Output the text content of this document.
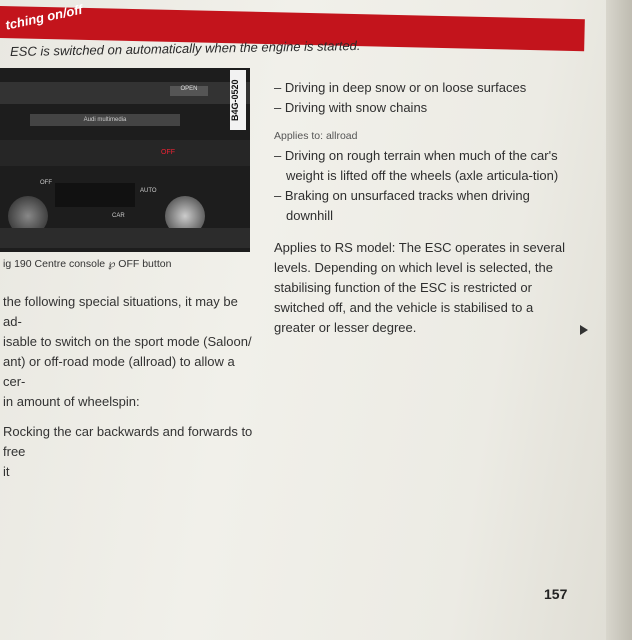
tching on/off
ESC is switched on automatically when the engine is started.
OPEN
Audi multimedia	B4G-0520
OFF
AUTO
OFF
CAR
ig 190 Centre console ℘ OFF button
the following special situations, it may be ad-
isable to switch on the sport mode (Saloon/
ant) or off-road mode (allroad) to allow a cer-
in amount of wheelspin:
Rocking the car backwards and forwards to free
it
– Driving in deep snow or on loose surfaces
– Driving with snow chains
Applies to: allroad
– Driving on rough terrain when much of the car's weight is lifted off the wheels (axle articula-tion)
– Braking on unsurfaced tracks when driving downhill
Applies to RS model: The ESC operates in several levels. Depending on which level is selected, the stabilising function of the ESC is restricted or switched off, and the vehicle is stabilised to a greater or lesser degree.
157
